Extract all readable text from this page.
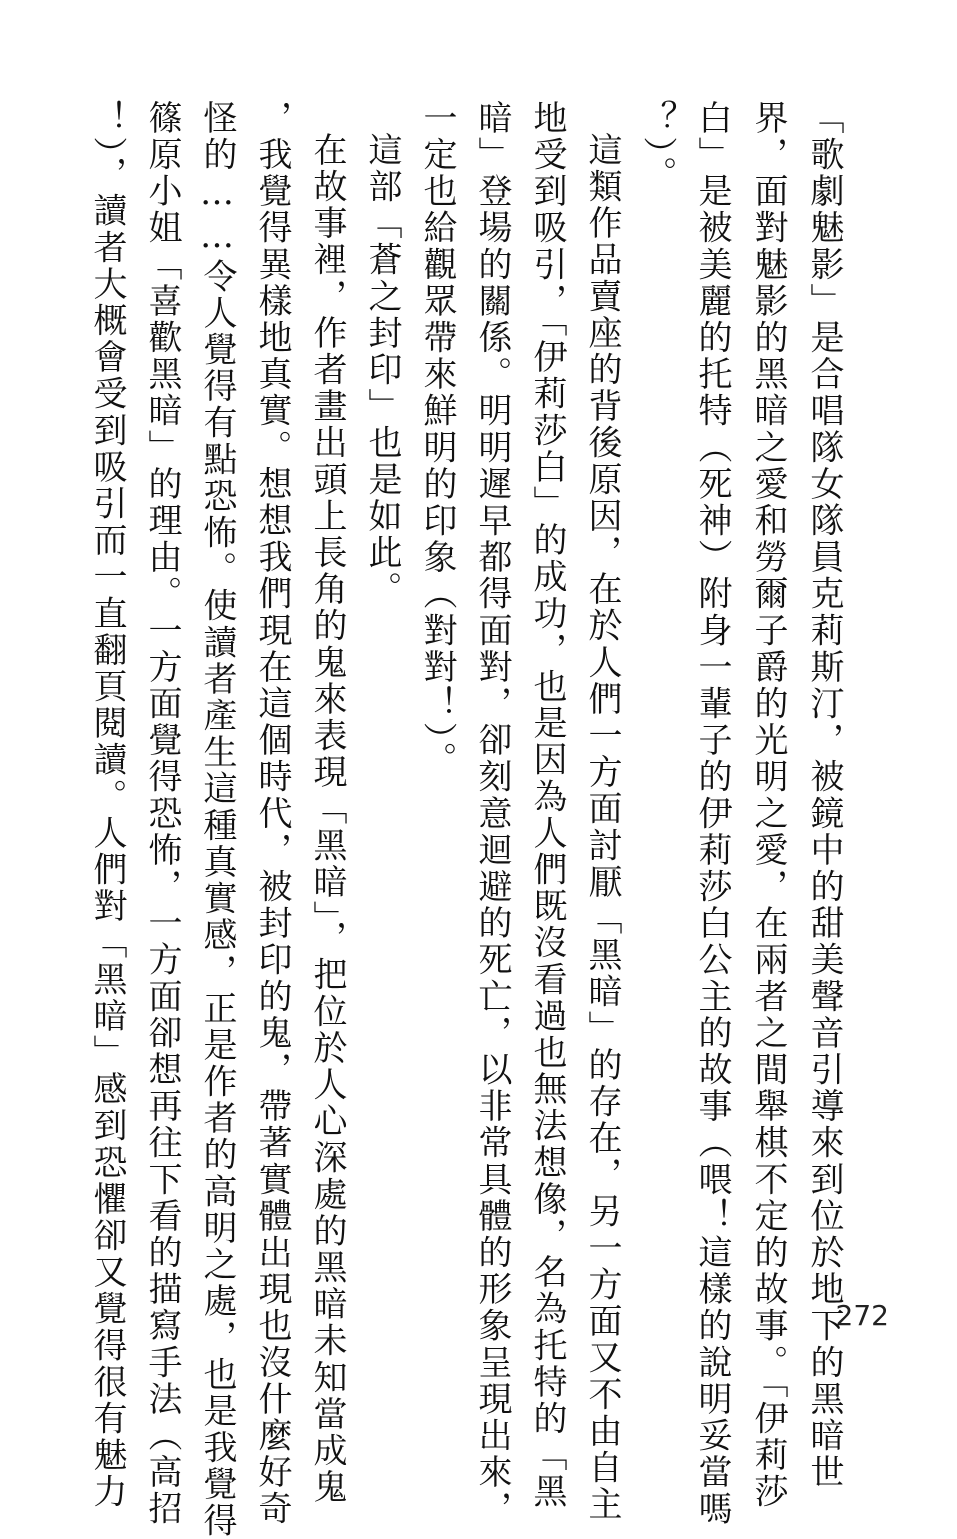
「歌劇魅影」是合唱隊女隊員克莉斯汀，被鏡中的甜美聲音引導來到位於地下的黑暗世
界，面對魅影的黑暗之愛和勞爾子爵的光明之愛，在兩者之間舉棋不定的故事。「伊莉莎
白」是被美麗的托特（死神）附身一輩子的伊莉莎白公主的故事（喂！這樣的說明妥當嗎
？）。
這類作品賣座的背後原因，在於人們一方面討厭「黑暗」的存在，另一方面又不由自主
地受到吸引，「伊莉莎白」的成功，也是因為人們既沒看過也無法想像，名為托特的「黑
暗」登場的關係。明明遲早都得面對，卻刻意迴避的死亡，以非常具體的形象呈現出來，
一定也給觀眾帶來鮮明的印象（對對！）。
這部「蒼之封印」也是如此。
在故事裡，作者畫出頭上長角的鬼來表現「黑暗」，把位於人心深處的黑暗未知當成鬼
，我覺得異樣地真實。想想我們現在這個時代，被封印的鬼，帶著實體出現也沒什麼好奇
怪的……令人覺得有點恐怖。使讀者產生這種真實感，正是作者的高明之處，也是我覺得
篠原小姐「喜歡黑暗」的理由。一方面覺得恐怖，一方面卻想再往下看的描寫手法（高招
！），讀者大概會受到吸引而一直翻頁閱讀。人們對「黑暗」感到恐懼卻又覺得很有魅力	272
